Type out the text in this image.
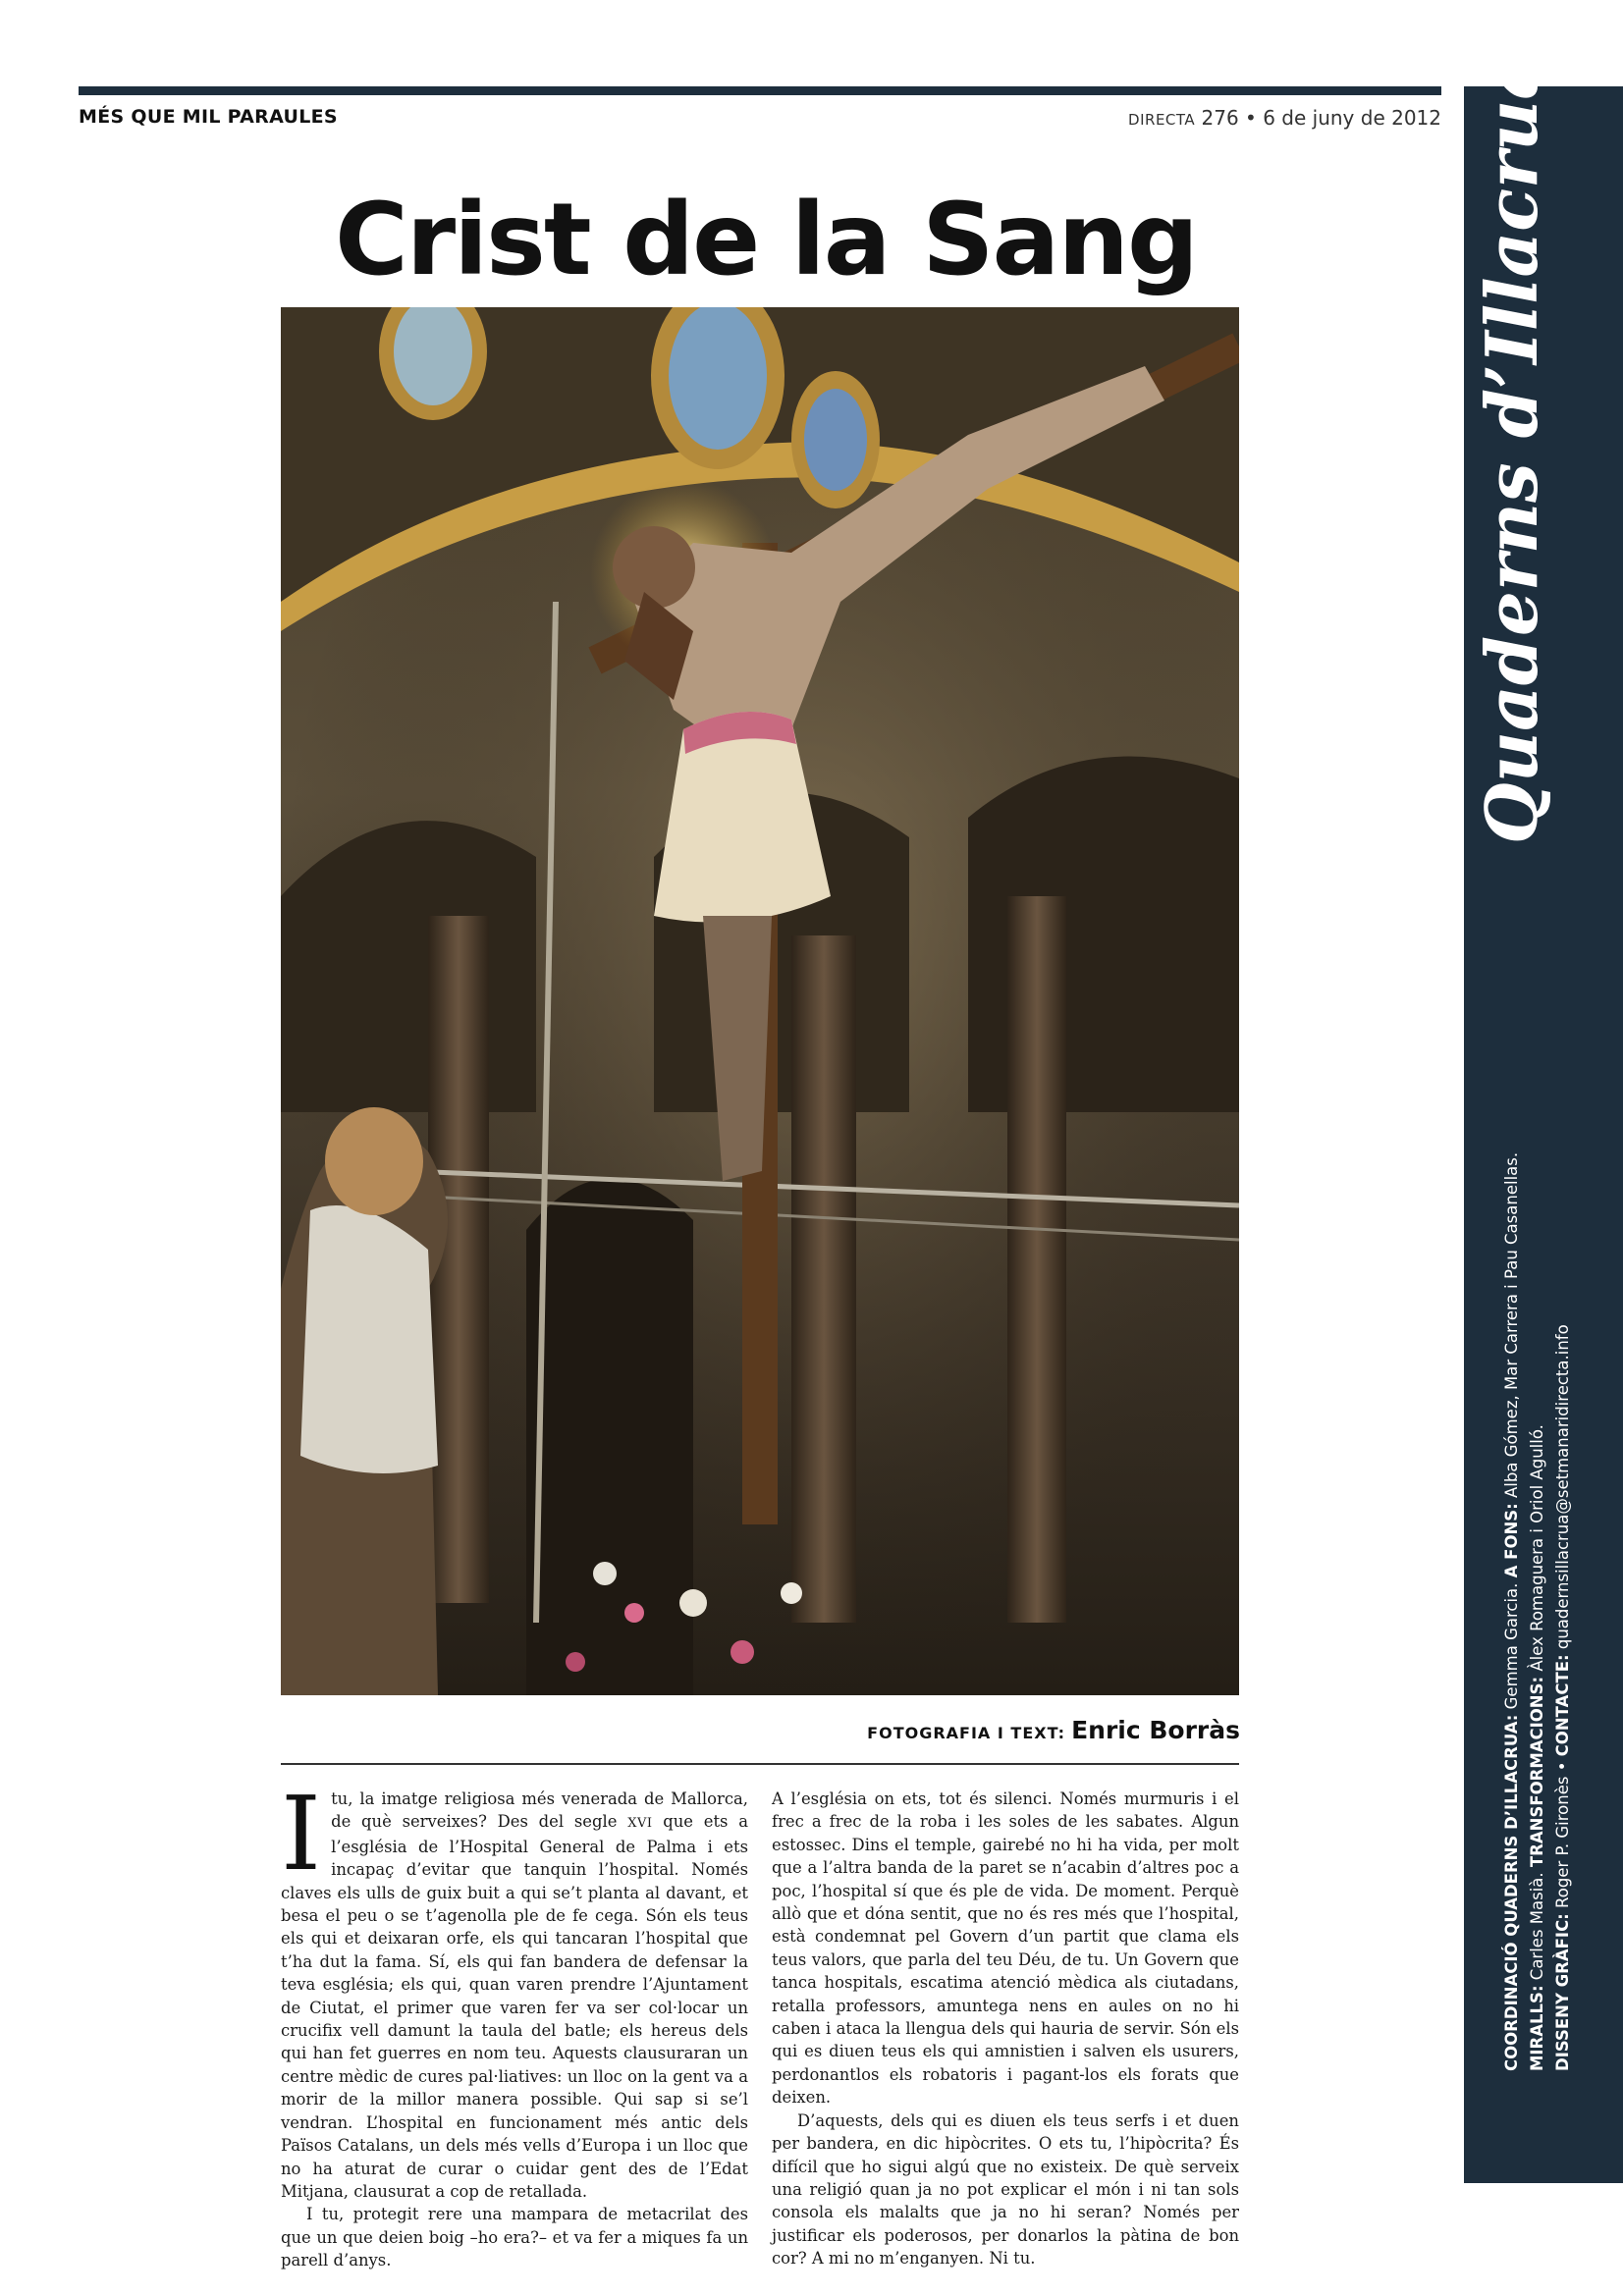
MÉS QUE MIL PARAULES	DIRECTA 276 • 6 de juny de 2012
Crist de la Sang
FOTOGRAFIA I TEXT: Enric Borràs

Itu, la imatge religiosa més venerada de Mallorca, de què serveixes? Des del segle XVI que ets a l’església de l’Hospital General de Palma i ets incapaç d’evitar que tanquin l’hospital. Només claves els ulls de guix buit a qui se’t planta al davant, et besa el peu o se t’agenolla ple de fe cega. Són els teus els qui et deixaran orfe, els qui tancaran l’hospital que t’ha dut la fama. Sí, els qui fan bandera de defensar la teva església; els qui, quan varen prendre l’Ajuntament de Ciutat, el primer que varen fer va ser col·locar un crucifix vell damunt la taula del batle; els hereus dels qui han fet guerres en nom teu. Aquests clausuraran un centre mèdic de cures pal·liatives: un lloc on la gent va a morir de la millor manera possible. Qui sap si se’l vendran. L’hospital en funcionament més antic dels Països Catalans, un dels més vells d’Europa i un lloc que no ha aturat de curar o cuidar gent des de l’Edat Mitjana, clausurat a cop de retallada.

I tu, protegit rere una mampara de metacrilat des que un que deien boig –ho era?– et va fer a miques fa un parell d’anys.

A l’església on ets, tot és silenci. Només murmuris i el frec a frec de la roba i les soles de les sabates. Algun estossec. Dins el temple, gairebé no hi ha vida, per molt que a l’altra banda de la paret se n’acabin d’altres poc a poc, l’hospital sí que és ple de vida. De moment. Perquè allò que et dóna sentit, que no és res més que l’hospital, està condemnat pel Govern d’un partit que clama els teus valors, que parla del teu Déu, de tu. Un Govern que tanca hospitals, escatima atenció mèdica als ciutadans, retalla professors, amuntega nens en aules on no hi caben i ataca la llengua dels qui hauria de servir. Són els qui es diuen teus els qui amnistien i salven els usurers, perdonantlos els robatoris i pagant-los els forats que deixen.

D’aquests, dels qui es diuen els teus serfs i et duen per bandera, en dic hipòcrites. O ets tu, l’hipòcrita? És difícil que ho sigui algú que no existeix. De què serveix una religió quan ja no pot explicar el món i ni tan sols consola els malalts que ja no hi seran? Només per justificar els poderosos, per donarlos la pàtina de bon cor? A mi no m’enganyen. Ni tu.

Quaderns d’Illacrua
COORDINACIÓ QUADERNS D’ILLACRUA: Gemma Garcia. A FONS: Alba Gómez, Mar Carrera i Pau Casanellas.
MIRALLS: Carles Masià. TRANSFORMACIONS: Àlex Romaguera i Oriol Agulló.
DISSENY GRÀFIC: Roger P. Gironès • CONTACTE: quadernsillacrua@setmanaridirecta.info
